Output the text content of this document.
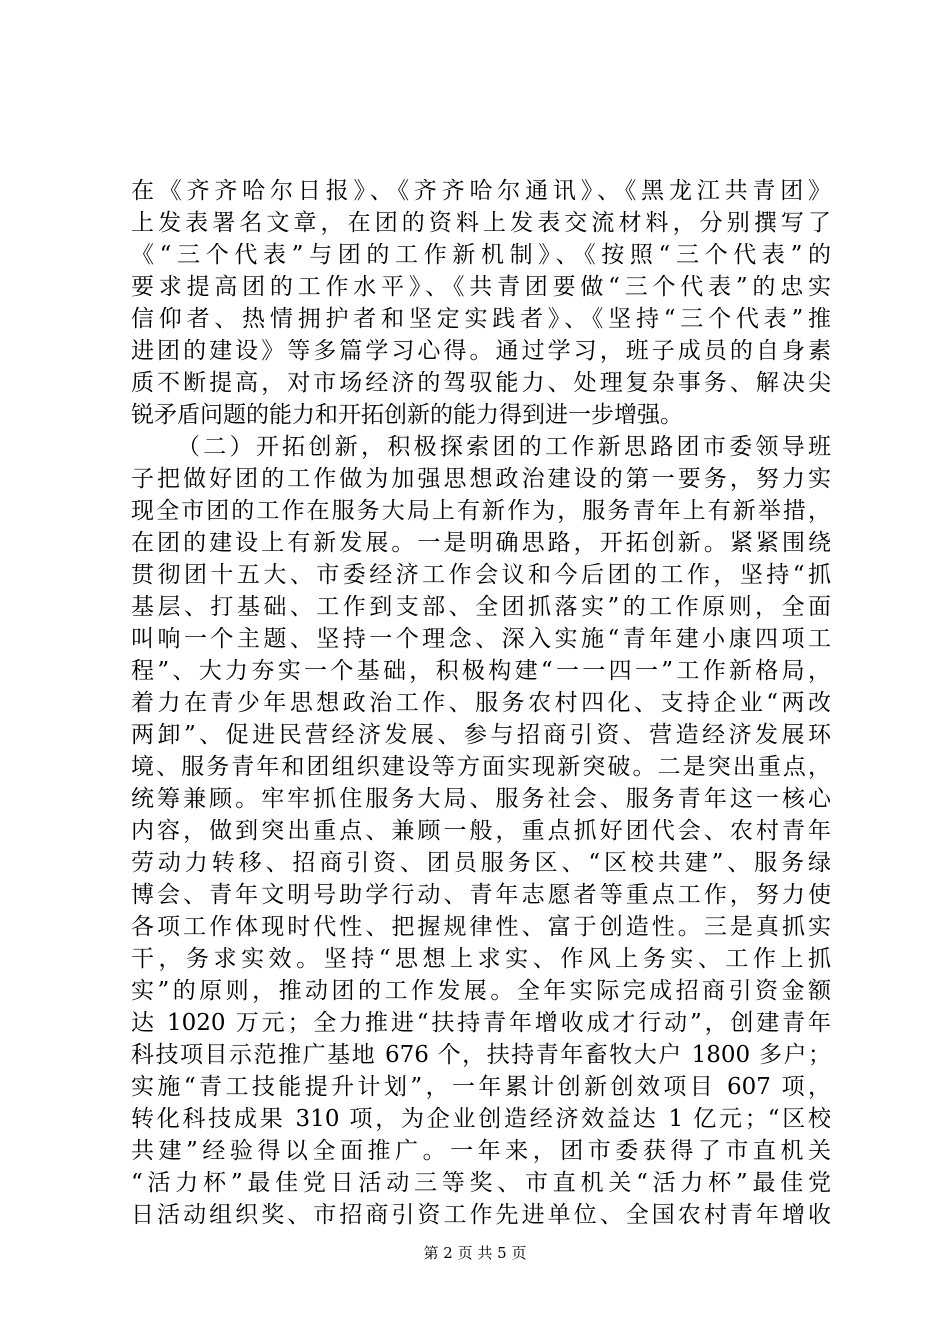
在《齐齐哈尔日报》、《齐齐哈尔通讯》、《黑龙江共青团》
上发表署名文章，在团的资料上发表交流材料，分别撰写了
《“三个代表”与团的工作新机制》、《按照“三个代表”的
要求提高团的工作水平》、《共青团要做“三个代表”的忠实
信仰者、热情拥护者和坚定实践者》、《坚持“三个代表”推
进团的建设》等多篇学习心得。通过学习，班子成员的自身素
质不断提高，对市场经济的驾驭能力、处理复杂事务、解决尖
锐矛盾问题的能力和开拓创新的能力得到进一步增强。
（二）开拓创新，积极探索团的工作新思路团市委领导班
子把做好团的工作做为加强思想政治建设的第一要务，努力实
现全市团的工作在服务大局上有新作为，服务青年上有新举措，
在团的建设上有新发展。一是明确思路，开拓创新。紧紧围绕
贯彻团十五大、市委经济工作会议和今后团的工作，坚持“抓
基层、打基础、工作到支部、全团抓落实”的工作原则，全面
叫响一个主题、坚持一个理念、深入实施“青年建小康四项工
程”、大力夯实一个基础，积极构建“一一四一”工作新格局，
着力在青少年思想政治工作、服务农村四化、支持企业“两改
两卸”、促进民营经济发展、参与招商引资、营造经济发展环
境、服务青年和团组织建设等方面实现新突破。二是突出重点，
统筹兼顾。牢牢抓住服务大局、服务社会、服务青年这一核心
内容，做到突出重点、兼顾一般，重点抓好团代会、农村青年
劳动力转移、招商引资、团员服务区、“区校共建”、服务绿
博会、青年文明号助学行动、青年志愿者等重点工作，努力使
各项工作体现时代性、把握规律性、富于创造性。三是真抓实
干，务求实效。坚持“思想上求实、作风上务实、工作上抓
实”的原则，推动团的工作发展。全年实际完成招商引资金额
达 1020 万元；全力推进“扶持青年增收成才行动”，创建青年
科技项目示范推广基地 676 个，扶持青年畜牧大户 1800 多户；
实施“青工技能提升计划”，一年累计创新创效项目 607 项，
转化科技成果 310 项，为企业创造经济效益达 1 亿元；“区校
共建”经验得以全面推广。一年来，团市委获得了市直机关
“活力杯”最佳党日活动三等奖、市直机关“活力杯”最佳党
日活动组织奖、市招商引资工作先进单位、全国农村青年增收
第 2 页 共 5 页
